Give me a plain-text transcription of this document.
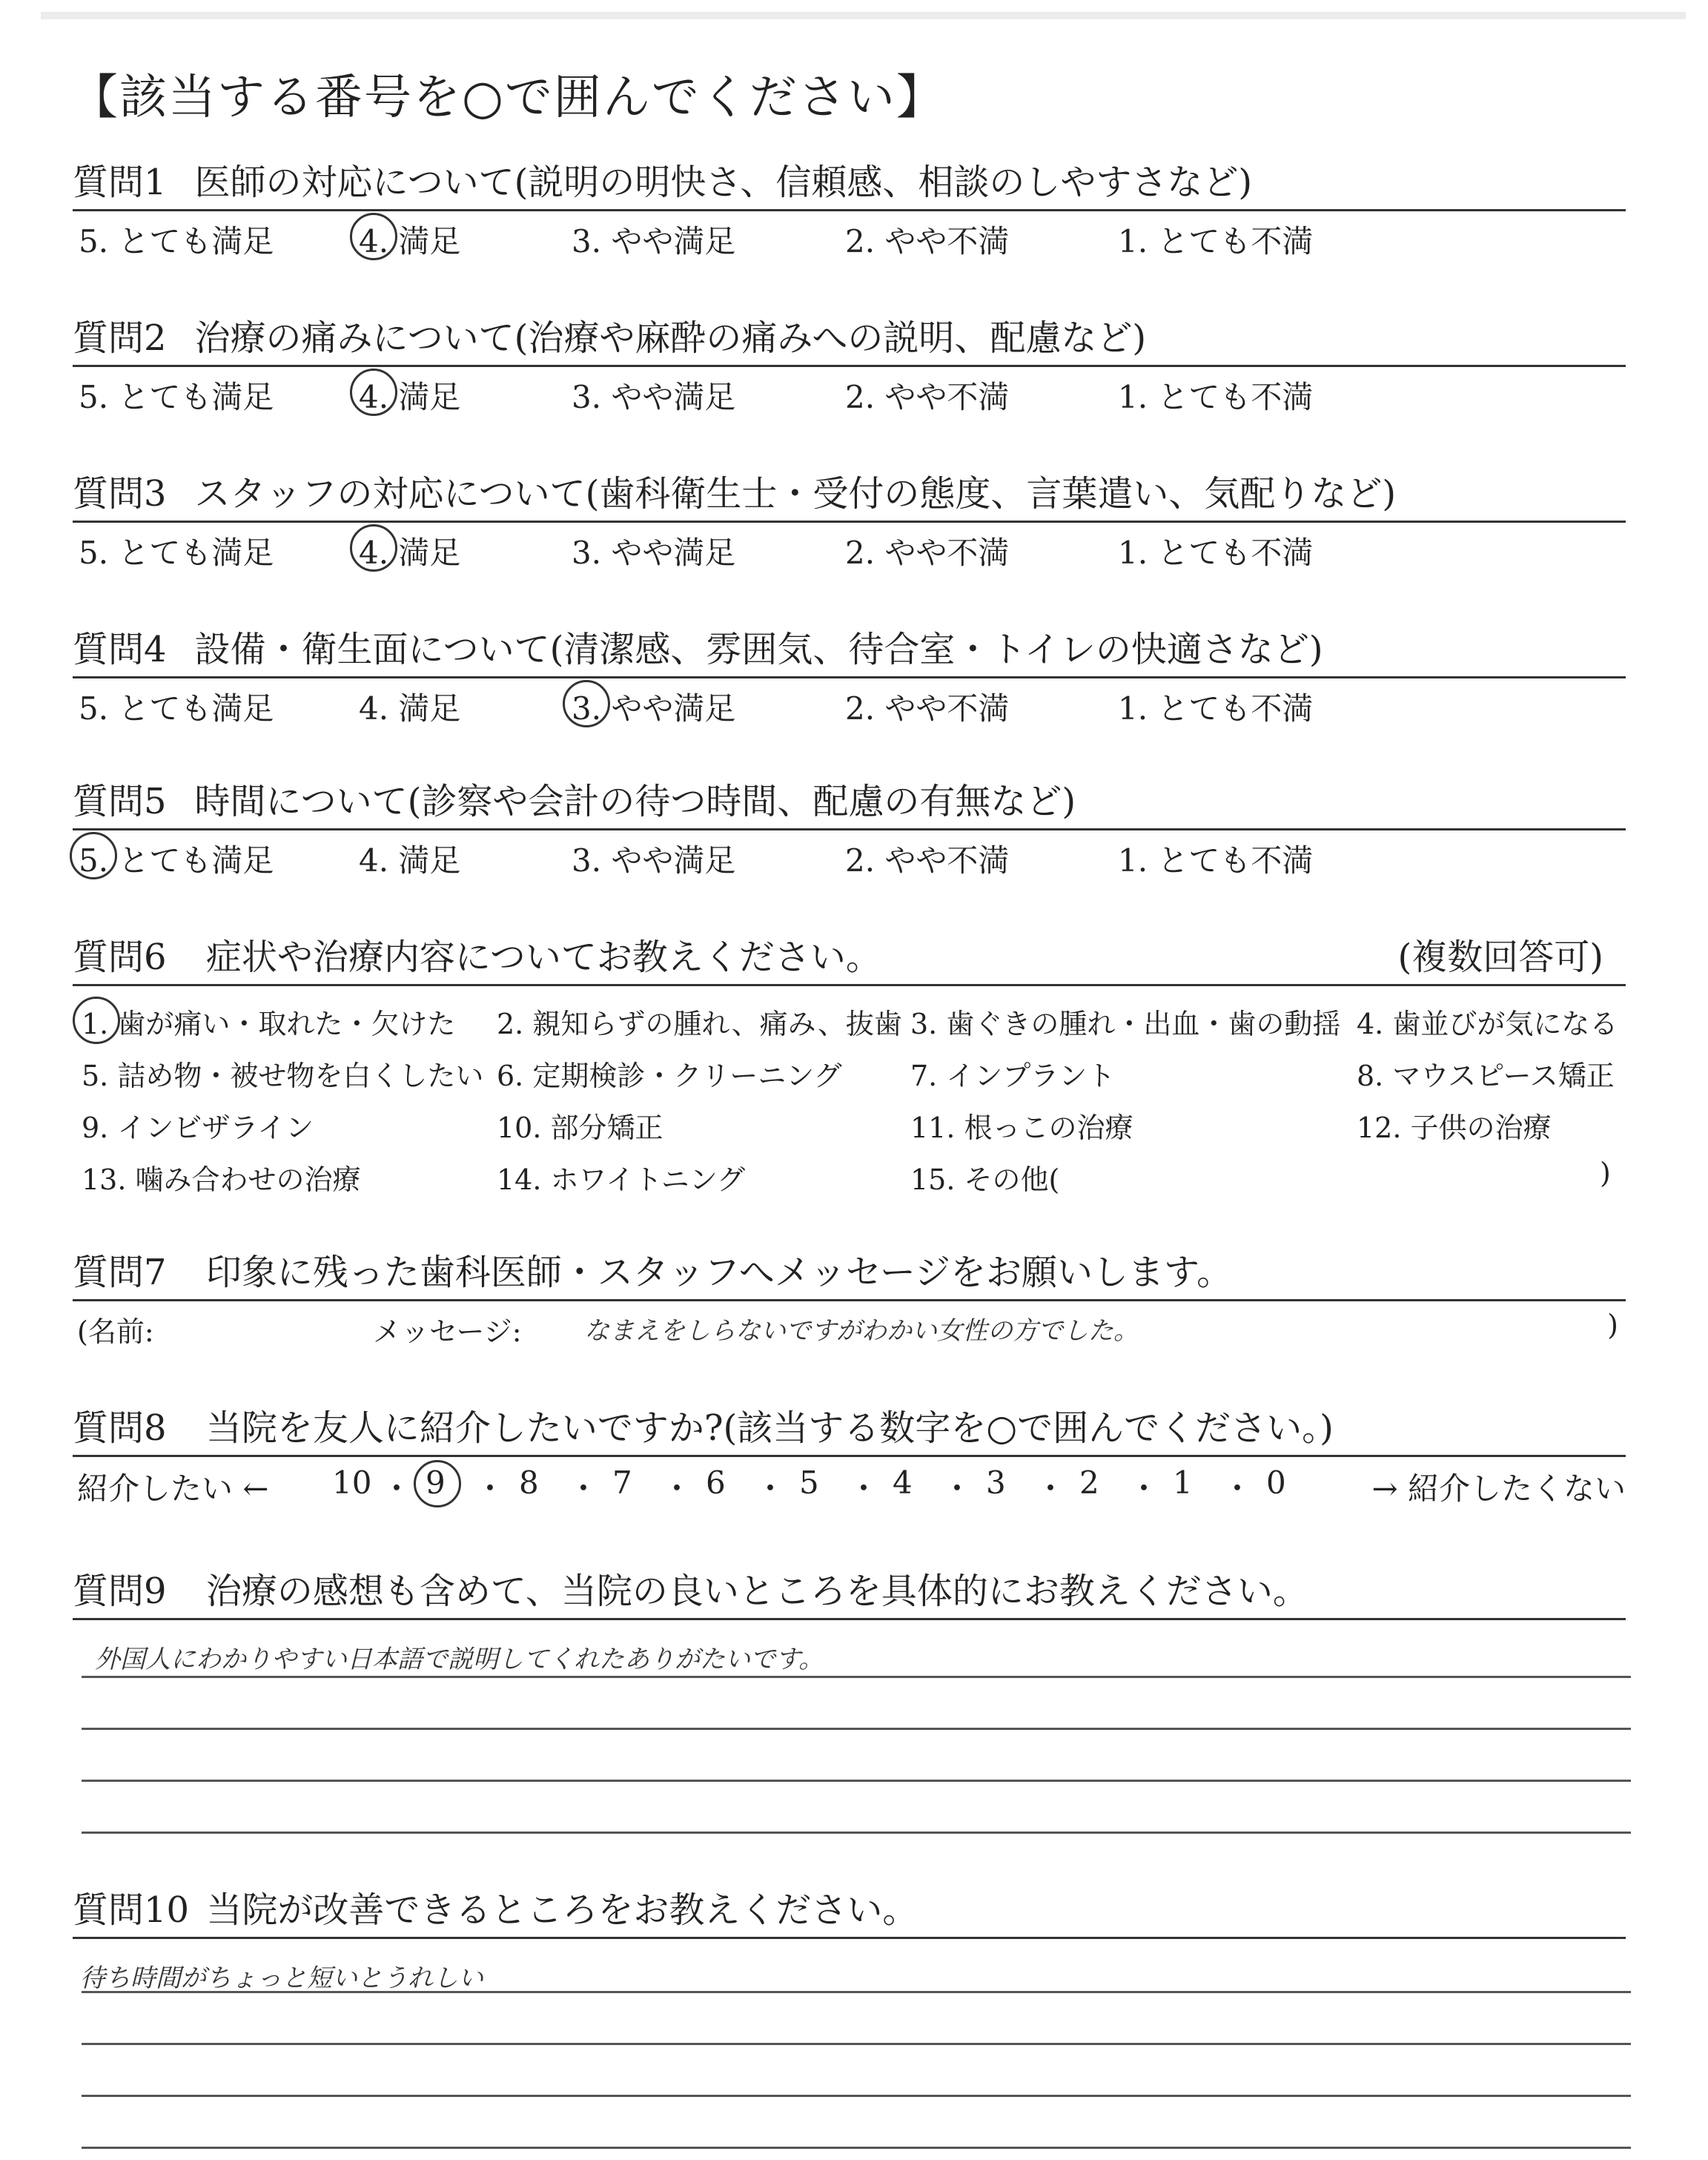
【該当する番号を○で囲んでください】
質問1 医師の対応について(説明の明快さ、信頼感、相談のしやすさなど)
5. とても満足	4. 満足	3. やや満足	2. やや不満	1. とても不満
質問2 治療の痛みについて(治療や麻酔の痛みへの説明、配慮など)
5. とても満足	4. 満足	3. やや満足	2. やや不満	1. とても不満
質問3 スタッフの対応について(歯科衛生士・受付の態度、言葉遣い、気配りなど)
5. とても満足	4. 満足	3. やや満足	2. やや不満	1. とても不満
質問4 設備・衛生面について(清潔感、雰囲気、待合室・トイレの快適さなど)
5. とても満足	4. 満足	3. やや満足	2. やや不満	1. とても不満
質問5 時間について(診察や会計の待つ時間、配慮の有無など)
5. とても満足	4. 満足	3. やや満足	2. やや不満	1. とても不満
質問6 症状や治療内容についてお教えください。	(複数回答可)
1. 歯が痛い・取れた・欠けた 2. 親知らずの腫れ、痛み、抜歯 3. 歯ぐきの腫れ・出血・歯の動揺 4. 歯並びが気になる
5. 詰め物・被せ物を白くしたい 6. 定期検診・クリーニング 7. インプラント	8. マウスピース矯正
9. インビザライン	10. 部分矯正	11. 根っこの治療	12. 子供の治療
13. 噛み合わせの治療	14. ホワイトニング	15. その他(	)
質問7 印象に残った歯科医師・スタッフへメッセージをお願いします。
(名前:	メッセージ: なまえをしらないですがわかい女性の方でした。	)
質問8 当院を友人に紹介したいですか?(該当する数字を○で囲んでください。)
紹介したい ←	→ 紹介したくない
10 ・ 9 ・ 8 ・ 7 ・ 6 ・ 5 ・ 4 ・ 3 ・ 2 ・ 1 ・ 0
質問9 治療の感想も含めて、当院の良いところを具体的にお教えください。
外国人にわかりやすい日本語で説明してくれたありがたいです。
質問10 当院が改善できるところをお教えください。
待ち時間がちょっと短いとうれしい
